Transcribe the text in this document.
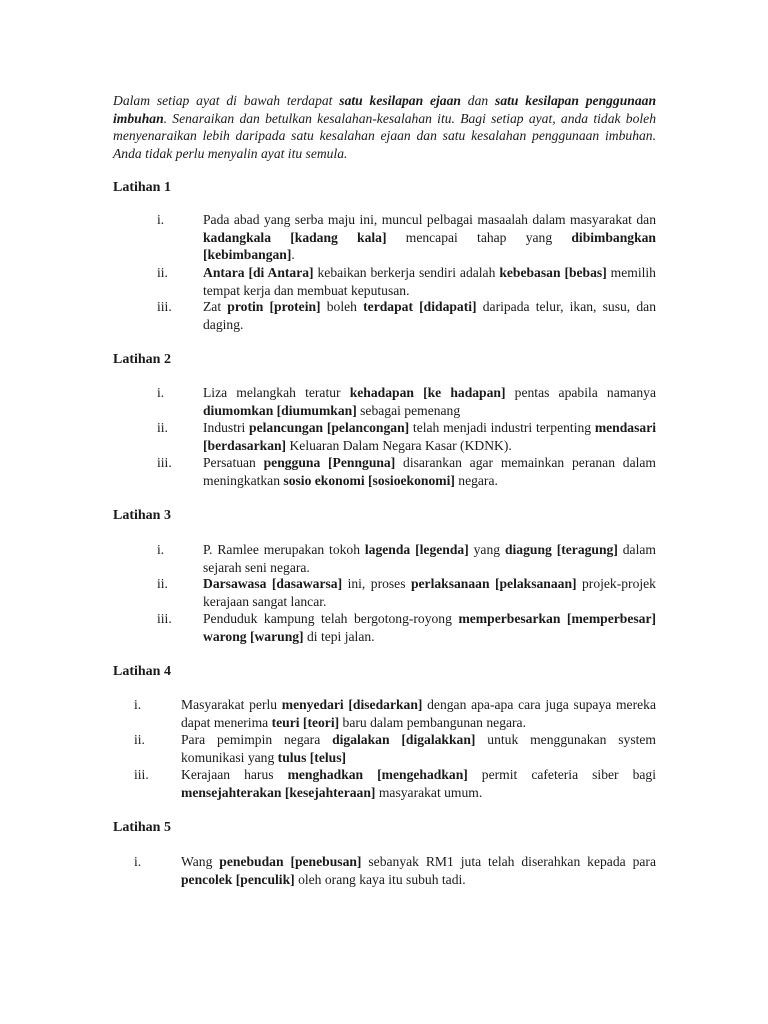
Dalam setiap ayat di bawah terdapat satu kesilapan ejaan dan satu kesilapan penggunaan imbuhan. Senaraikan dan betulkan kesalahan-kesalahan itu. Bagi setiap ayat, anda tidak boleh menyenaraikan lebih daripada satu kesalahan ejaan dan satu kesalahan penggunaan imbuhan. Anda tidak perlu menyalin ayat itu semula.
Latihan 1
i.	Pada abad yang serba maju ini, muncul pelbagai masaalah dalam masyarakat dan kadangkala [kadang kala] mencapai tahap yang dibimbangkan [kebimbangan].
ii.	Antara [di Antara] kebaikan berkerja sendiri adalah kebebasan [bebas] memilih tempat kerja dan membuat keputusan.
iii.	Zat protin [protein] boleh terdapat [didapati] daripada telur, ikan, susu, dan daging.
Latihan 2
i.	Liza melangkah teratur kehadapan [ke hadapan] pentas apabila namanya diumomkan [diumumkan] sebagai pemenang
ii.	Industri pelancungan [pelancongan] telah menjadi industri terpenting mendasari [berdasarkan] Keluaran Dalam Negara Kasar (KDNK).
iii.	Persatuan pengguna [Pennguna] disarankan agar memainkan peranan dalam meningkatkan sosio ekonomi [sosioekonomi] negara.
Latihan 3
i.	P. Ramlee merupakan tokoh lagenda [legenda] yang diagung [teragung] dalam sejarah seni negara.
ii.	Darsawasa [dasawarsa] ini, proses perlaksanaan [pelaksanaan] projek-projek kerajaan sangat lancar.
iii.	Penduduk kampung telah bergotong-royong memperbesarkan [memperbesar] warong [warung] di tepi jalan.
Latihan 4
i.	Masyarakat perlu menyedari [disedarkan] dengan apa-apa cara juga supaya mereka dapat menerima teuri [teori] baru dalam pembangunan negara.
ii.	Para pemimpin negara digalakan [digalakkan] untuk menggunakan system komunikasi yang tulus [telus]
iii.	Kerajaan harus menghadkan [mengehadkan] permit cafeteria siber bagi mensejahterakan [kesejahteraan] masyarakat umum.
Latihan 5
i.	Wang penebudan [penebusan] sebanyak RM1 juta telah diserahkan kepada para pencolek [penculik] oleh orang kaya itu subuh tadi.
